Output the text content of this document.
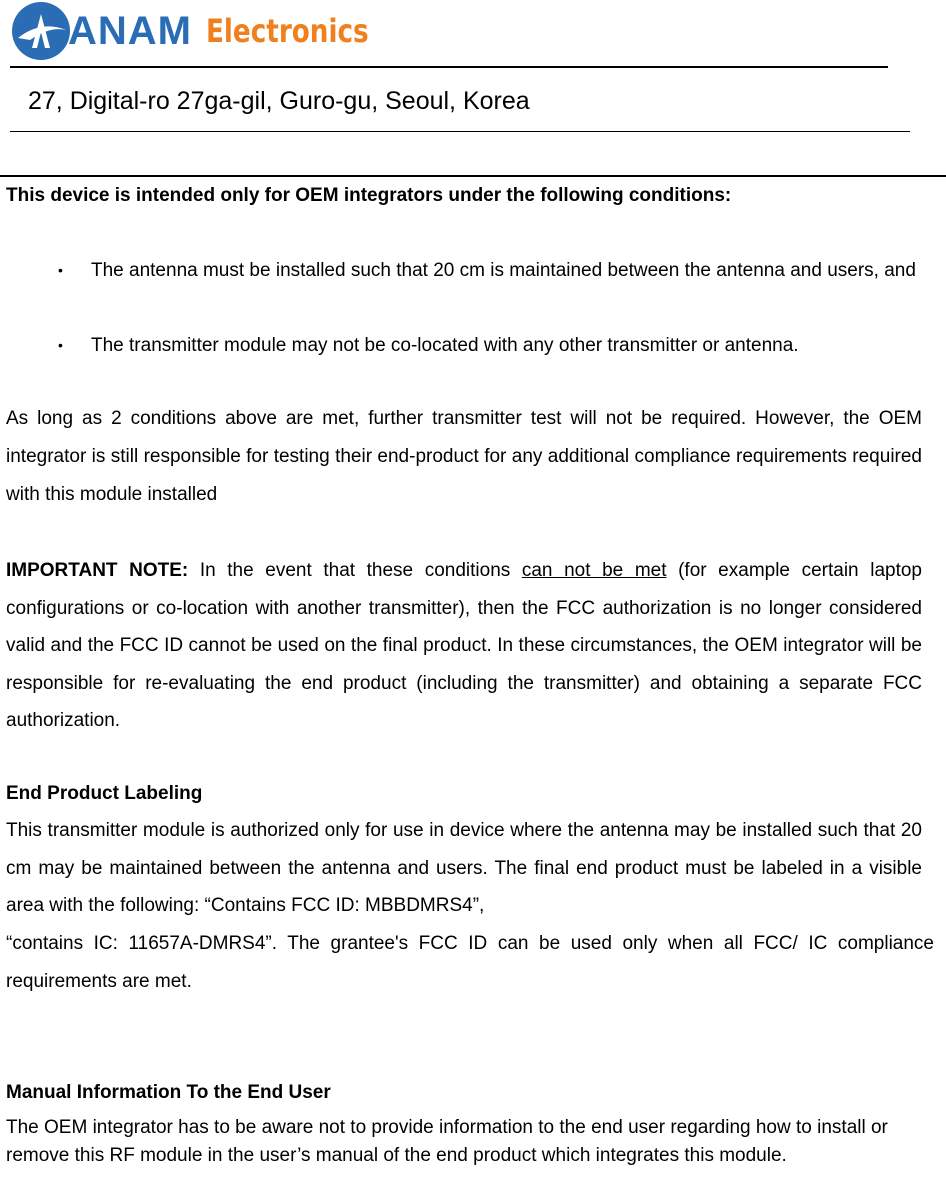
ANAM Electronics
27, Digital-ro 27ga-gil, Guro-gu, Seoul, Korea
This device is intended only for OEM integrators under the following conditions:
• The antenna must be installed such that 20 cm is maintained between the antenna and users, and
• The transmitter module may not be co-located with any other transmitter or antenna.
As long as 2 conditions above are met, further transmitter test will not be required. However, the OEM integrator is still responsible for testing their end-product for any additional compliance requirements required with this module installed
IMPORTANT NOTE: In the event that these conditions can not be met (for example certain laptop configurations or co-location with another transmitter), then the FCC authorization is no longer considered valid and the FCC ID cannot be used on the final product. In these circumstances, the OEM integrator will be responsible for re-evaluating the end product (including the transmitter) and obtaining a separate FCC authorization.
End Product Labeling
This transmitter module is authorized only for use in device where the antenna may be installed such that 20 cm may be maintained between the antenna and users. The final end product must be labeled in a visible area with the following: “Contains FCC ID: MBBDMRS4”,
“contains IC: 11657A-DMRS4”. The grantee's FCC ID can be used only when all FCC/ IC compliance requirements are met.
Manual Information To the End User
The OEM integrator has to be aware not to provide information to the end user regarding how to install or remove this RF module in the user’s manual of the end product which integrates this module.
